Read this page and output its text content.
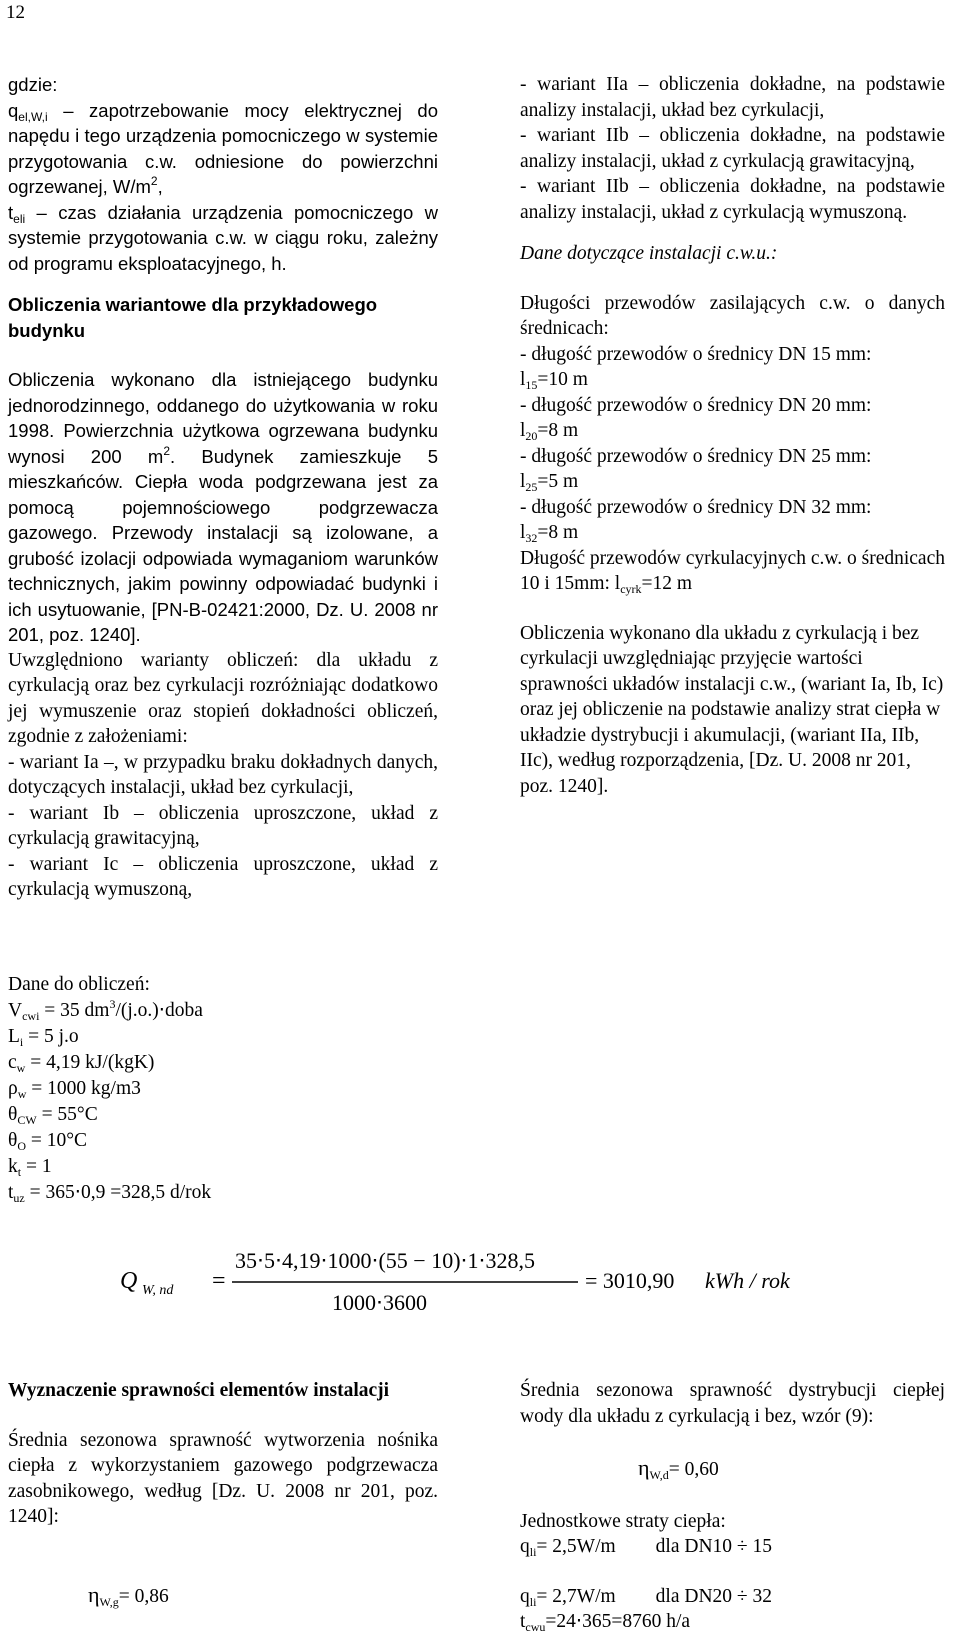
12

gdzie:

$q_{el,W,i}$ – zapotrzebowanie mocy elektrycznej do napędu i tego urządzenia pomocniczego w systemie przygotowania c.w. odniesione do powierzchni ogrzewanej, $W/m^2$,

$t_{eli}$ – czas działania urządzenia pomocniczego w systemie przygotowania c.w. w ciągu roku, zależny od programu eksploatacyjnego, h.

Obliczenia wariantowe dla przykładowego budynku

Obliczenia wykonano dla istniejącego budynku jednorodzinnego, oddanego do użytkowania w roku 1998. Powierzchnia użytkowa ogrzewana budynku wynosi 200 $m^2$. Budynek zamieszkuje 5 mieszkańców. Ciepła woda podgrzewana jest za pomocą pojemnościowego podgrzewacza gazowego. Przewody instalacji są izolowane, a grubość izolacji odpowiada wymaganiom warunków technicznych, jakim powinny odpowiadać budynki i ich usytuowanie, [PN-B-02421:2000, Dz. U. 2008 nr 201, poz. 1240].

Uwzględniono warianty obliczeń: dla układu z cyrkulacją oraz bez cyrkulacji rozróżniając dodatkowo jej wymuszenie oraz stopień dokładności obliczeń, zgodnie z założeniami:

- wariant Ia –, w przypadku braku dokładnych danych, dotyczących instalacji, układ bez cyrkulacji,

- wariant Ib – obliczenia uproszczone, układ z cyrkulacją grawitacyjną,

- wariant Ic – obliczenia uproszczone, układ z cyrkulacją wymuszoną,

- wariant IIa – obliczenia dokładne, na podstawie analizy instalacji, układ bez cyrkulacji,

- wariant IIb – obliczenia dokładne, na podstawie analizy instalacji, układ z cyrkulacją grawitacyjną,

- wariant IIb – obliczenia dokładne, na podstawie analizy instalacji, układ z cyrkulacją wymuszoną.

Dane dotyczące instalacji c.w.u.:

Długości przewodów zasilających c.w. o danych średnicach:

- długość przewodów o średnicy DN 15 mm:

$l_{15}=10$ m

- długość przewodów o średnicy DN 20 mm:

$l_{20}=8$ m

- długość przewodów o średnicy DN 25 mm:

$l_{25}=5$ m

- długość przewodów o średnicy DN 32 mm:

$l_{32}=8$ m

Długość przewodów cyrkulacyjnych c.w. o średnicach 10 i 15mm: $l_{cyrk}=12$ m

Obliczenia wykonano dla układu z cyrkulacją i bez cyrkulacji uwzględniając przyjęcie wartości sprawności układów instalacji c.w., (wariant Ia, Ib, Ic) oraz jej obliczenie na podstawie analizy strat ciepła w układzie dystrybucji i akumulacji, (wariant IIa, IIb, IIc), według rozporządzenia, [Dz. U. 2008 nr 201, poz. 1240].

Dane do obliczeń:

$V_{cwi} = 35$ $dm^3/(j.o.)\cdot doba$

$L_i = 5$ j.o

$c_w = 4,19$ kJ/(kgK)

$\rho_w = 1000$ kg/m3

$\theta_{CW} = 55^\circ C$

$\theta_O = 10^\circ C$

$k_t = 1$

$t_{uz} = 365\cdot 0,9 =328,5$ d/rok

Q W, nd =
35⋅5⋅4,19⋅1000⋅(55 − 10)⋅1⋅328,5
1000⋅3600
= 3010,90 kWh / rok

Wyznaczenie sprawności elementów instalacji

Średnia sezonowa sprawność wytworzenia nośnika ciepła z wykorzystaniem gazowego podgrzewacza zasobnikowego, według [Dz. U. 2008 nr 201, poz. 1240]:

$\eta_{W,g}= 0,86$

Średnia sezonowa sprawność dystrybucji ciepłej wody dla układu z cyrkulacją i bez, wzór (9):

$\eta_{W,d}= 0,60$

Jednostkowe straty ciepła:

$q_{li}= 2,5W/m$ dla DN10 ÷ 15

$q_{li}= 2,7W/m$ dla DN20 ÷ 32

$t_{cwu}=24\cdot 365=8760$ h/a
